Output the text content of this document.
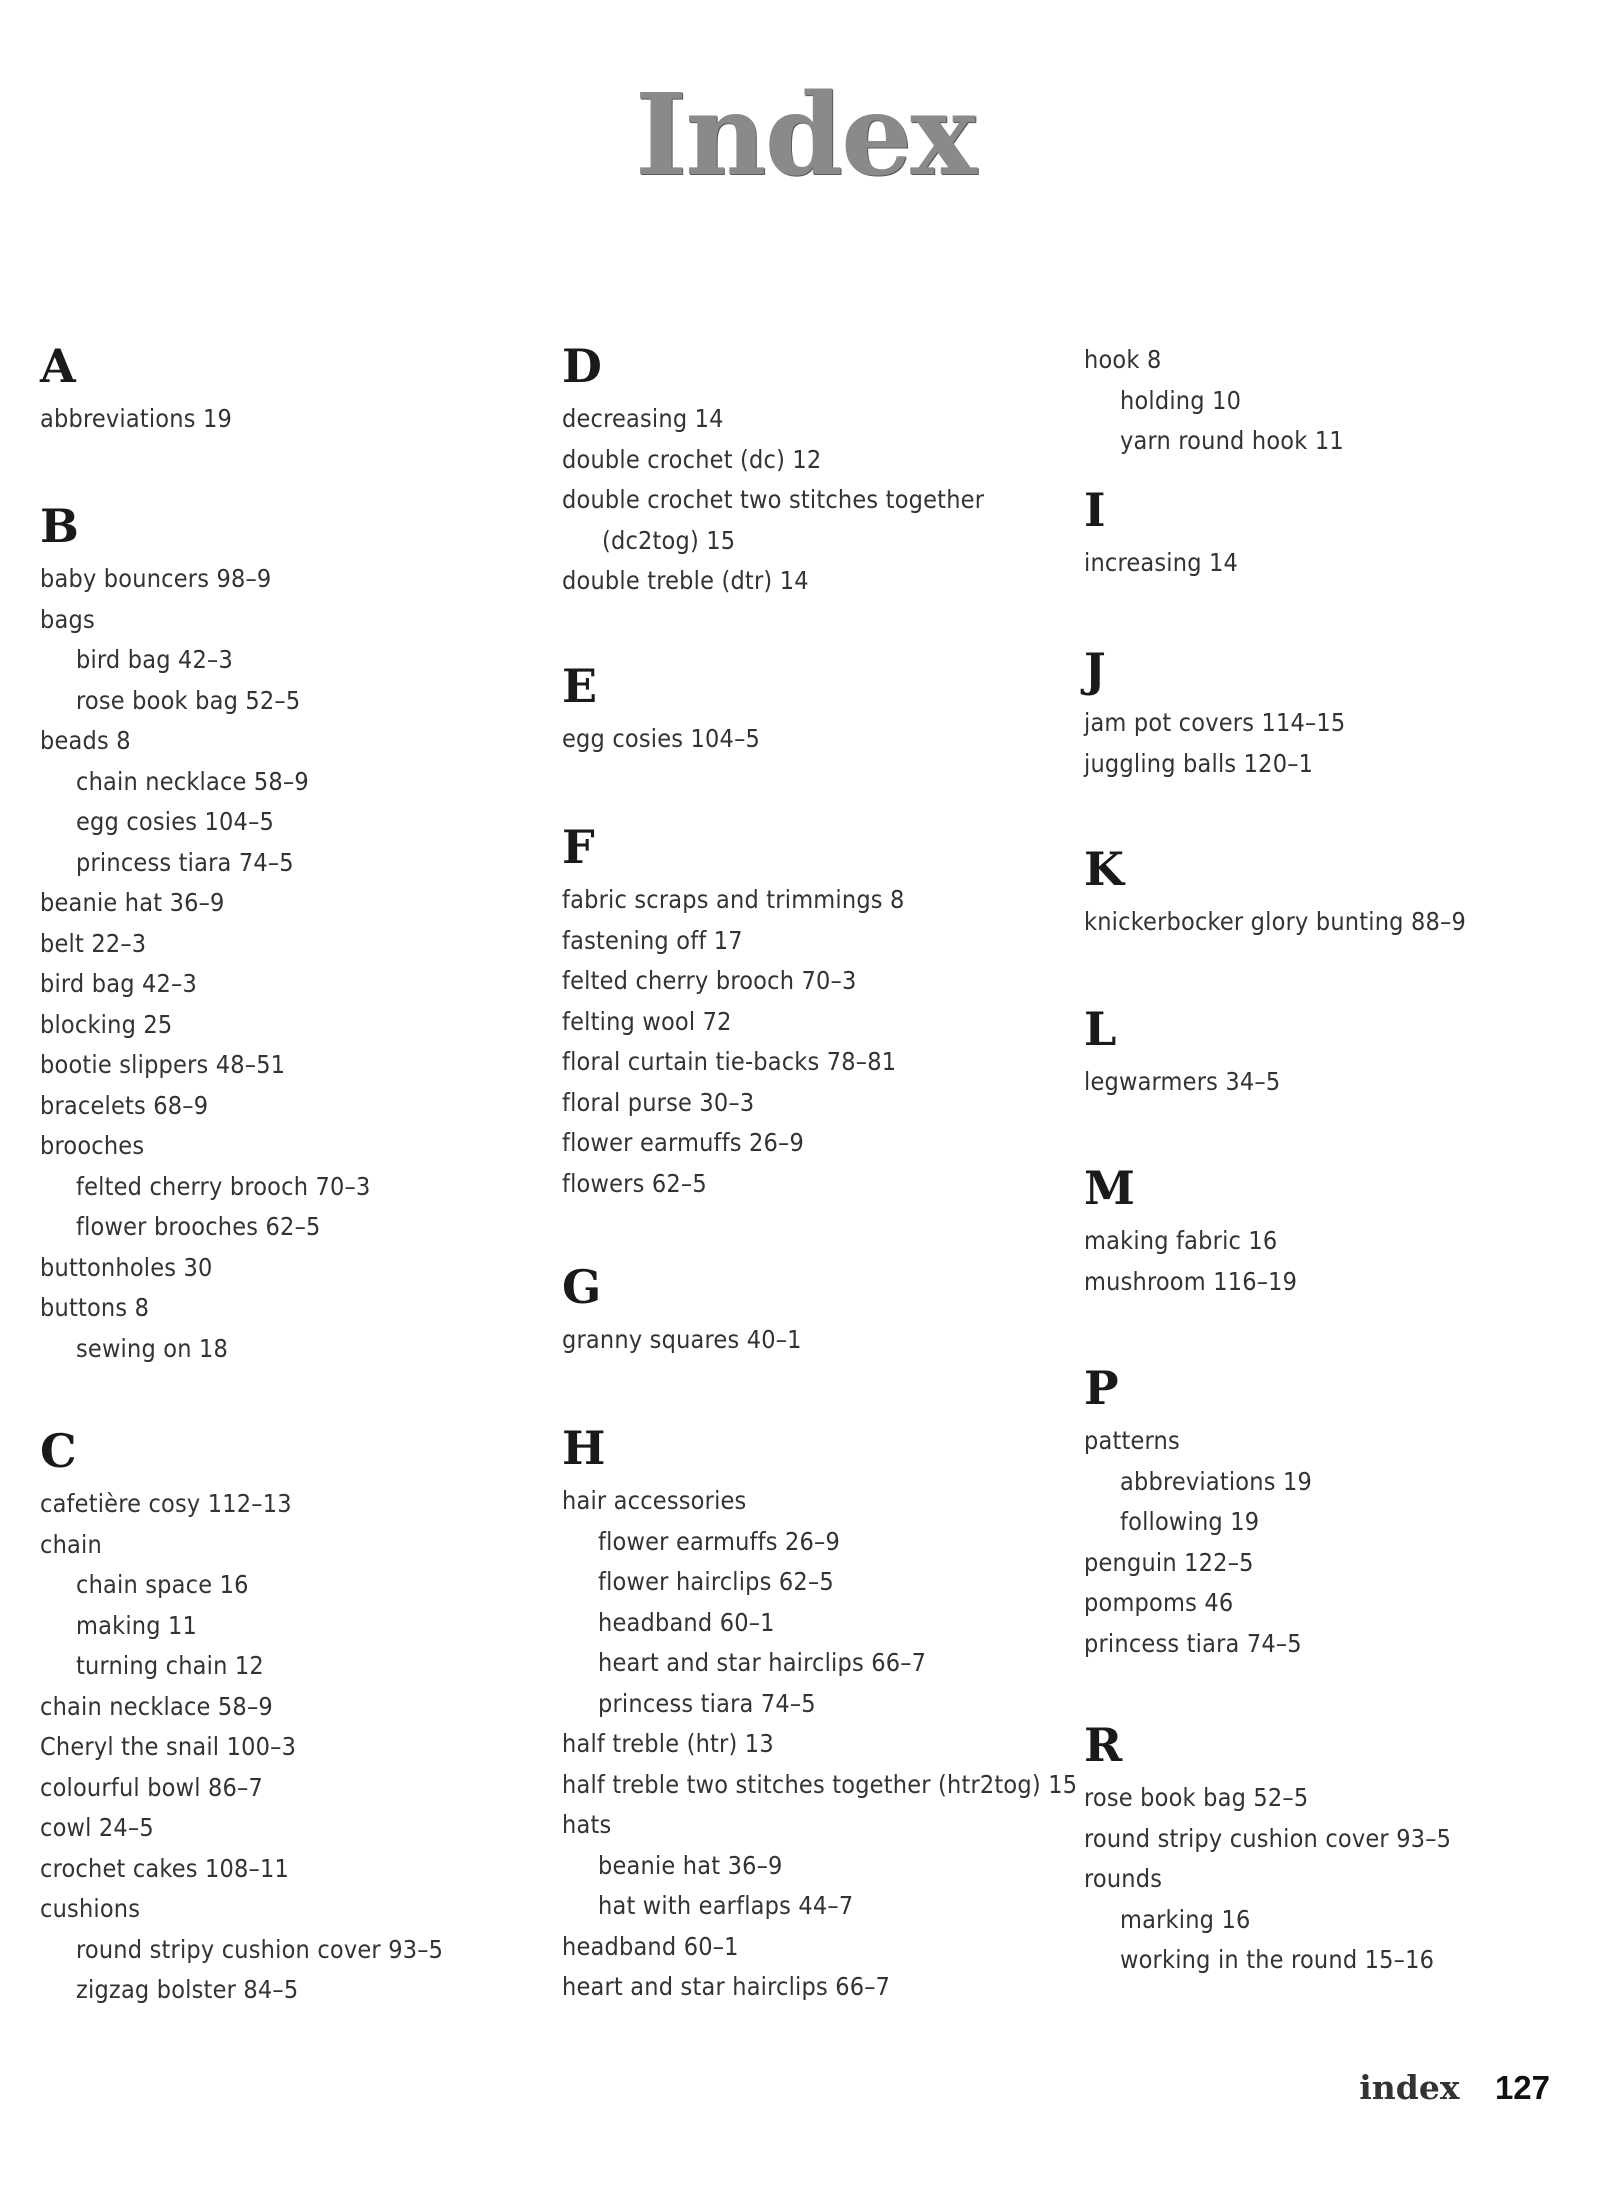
Index
A
abbreviations 19
B
baby bouncers 98–9
bags
bird bag 42–3
rose book bag 52–5
beads 8
chain necklace 58–9
egg cosies 104–5
princess tiara 74–5
beanie hat 36–9
belt 22–3
bird bag 42–3
blocking 25
bootie slippers 48–51
bracelets 68–9
brooches
felted cherry brooch 70–3
flower brooches 62–5
buttonholes 30
buttons 8
sewing on 18
C
cafetière cosy 112–13
chain
chain space 16
making 11
turning chain 12
chain necklace 58–9
Cheryl the snail 100–3
colourful bowl 86–7
cowl 24–5
crochet cakes 108–11
cushions
round stripy cushion cover 93–5
zigzag bolster 84–5
D
decreasing 14
double crochet (dc) 12
double crochet two stitches together
(dc2tog) 15
double treble (dtr) 14
E
egg cosies 104–5
F
fabric scraps and trimmings 8
fastening off 17
felted cherry brooch 70–3
felting wool 72
floral curtain tie-backs 78–81
floral purse 30–3
flower earmuffs 26–9
flowers 62–5
G
granny squares 40–1
H
hair accessories
flower earmuffs 26–9
flower hairclips 62–5
headband 60–1
heart and star hairclips 66–7
princess tiara 74–5
half treble (htr) 13
half treble two stitches together (htr2tog) 15
hats
beanie hat 36–9
hat with earflaps 44–7
headband 60–1
heart and star hairclips 66–7
hook 8
holding 10
yarn round hook 11
I
increasing 14
J
jam pot covers 114–15
juggling balls 120–1
K
knickerbocker glory bunting 88–9
L
legwarmers 34–5
M
making fabric 16
mushroom 116–19
P
patterns
abbreviations 19
following 19
penguin 122–5
pompoms 46
princess tiara 74–5
R
rose book bag 52–5
round stripy cushion cover 93–5
rounds
marking 16
working in the round 15–16
index 127
